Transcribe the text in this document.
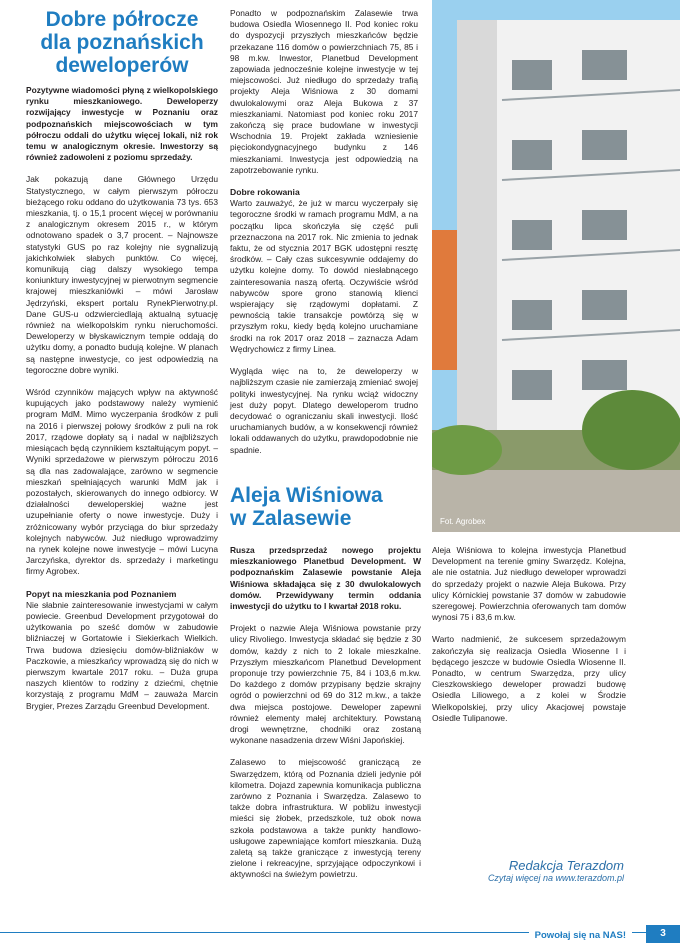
Dobre półrocze
dla poznańskich
deweloperów

Pozytywne wiadomości płyną z wielkopolskiego rynku mieszkaniowego. Deweloperzy rozwijający inwestycje w Poznaniu oraz podpoznańskich miejscowościach w tym półroczu oddali do użytku więcej lokali, niż rok temu w analogicznym okresie. Inwestorzy są również zadowoleni z poziomu sprzedaży.

Jak pokazują dane Głównego Urzędu Statystycznego, w całym pierwszym półroczu bieżącego roku oddano do użytkowania 73 tys. 653 mieszkania, tj. o 15,1 procent więcej w porównaniu z analogicznym okresem 2015 r., w którym odnotowano spadek o 3,7 procent. – Najnowsze statystyki GUS po raz kolejny nie sygnalizują jakichkolwiek słabych punktów. Co więcej, komunikują ciąg dalszy wysokiego tempa koniunktury inwestycyjnej w pierwotnym segmencie krajowej mieszkaniówki – mówi Jarosław Jędrzyński, ekspert portalu RynekPierwotny.pl. Dane GUS-u odzwierciedlają aktualną sytuację również na wielkopolskim rynku nieruchomości. Deweloperzy w błyskawicznym tempie oddają do użytku domy, a ponadto budują kolejne. W planach są następne inwestycje, co jest odpowiedzią na tegoroczne dobre wyniki.

Wśród czynników mających wpływ na aktywność kupujących jako podstawowy należy wymienić program MdM. Mimo wyczerpania środków z puli na 2016 i pierwszej połowy środków z puli na rok 2017, rządowe dopłaty są i nadal w najbliższych miesiącach będą czynnikiem kształtującym popyt. – Wyniki sprzedażowe w pierwszym półroczu 2016 są dla nas zadowalające, zarówno w segmencie mieszkań spełniających warunki MdM jak i pozostałych, skierowanych do innego odbiorcy. W działalności deweloperskiej ważne jest uzupełnianie oferty o nowe inwestycje. Duży i zróżnicowany wybór przyciąga do biur sprzedaży kolejnych nabywców. Już niedługo wprowadzimy na rynek kolejne nowe inwestycje – mówi Lucyna Jarczyńska, dyrektor ds. sprzedaży i marketingu firmy Agrobex.

Popyt na mieszkania pod Poznaniem

Nie słabnie zainteresowanie inwestycjami w całym powiecie. Greenbud Development przygotował do użytkowania po sześć domów w zabudowie bliźniaczej w Gortatowie i Siekierkach Wielkich. Trwa budowa dziesięciu domów-bliźniaków w Paczkowie, a mieszkańcy wprowadzą się do nich w pierwszym kwartale 2017 roku. – Duża grupa naszych klientów to rodziny z dziećmi, chętnie korzystają z programu MdM – zauważa Marcin Brygier, Prezes Zarządu Greenbud Development.

Ponadto w podpoznańskim Zalasewie trwa budowa Osiedla Wiosennego II. Pod koniec roku do dyspozycji przyszłych mieszkańców będzie przekazane 116 domów o powierzchniach 75, 85 i 98 m.kw. Inwestor, Planetbud Development zapowiada jednocześnie kolejne inwestycje w tej miejscowości. Już niedługo do sprzedaży trafią projekty Aleja Wiśniowa z 30 domami dwulokalowymi oraz Aleja Bukowa z 37 mieszkaniami. Natomiast pod koniec roku 2017 zakończą się prace budowlane w inwestycji Wschodnia 19. Projekt zakłada wzniesienie pięciokondygnacyjnego budynku z 146 mieszkaniami. Inwestycja jest odpowiedzią na zapotrzebowanie rynku.

Dobre rokowania

Warto zauważyć, że już w marcu wyczerpały się tegoroczne środki w ramach programu MdM, a na początku lipca skończyła się część puli przeznaczona na 2017 rok. Nic zmienia to jednak faktu, że od stycznia 2017 BGK udostępni resztę środków. – Cały czas sukcesywnie oddajemy do użytku kolejne domy. To dowód niesłabnącego zainteresowania naszą ofertą. Oczywiście wśród nabywców spore grono stanowią klienci wspierający się rządowymi dopłatami. Z pewnością takie transakcje powtórzą się w przyszłym roku, kiedy będą kolejno uruchamiane środki na rok 2017 oraz 2018 – zaznacza Adam Wędrychowicz z firmy Linea.

Wygląda więc na to, że deweloperzy w najbliższym czasie nie zamierzają zmieniać swojej polityki inwestycyjnej. Na rynku wciąż widoczny jest duży popyt. Dlatego deweloperom trudno decydować o ograniczaniu skali inwestycji. Ilość uruchamianych budów, a w konsekwencji również lokali oddawanych do użytku, prawdopodobnie nie spadnie.

Fot. Agrobex
Aleja Wiśniowa
w Zalasewie

Rusza przedsprzedaż nowego projektu mieszkaniowego Planetbud Development. W podpoznańskim Zalasewie powstanie Aleja Wiśniowa składająca się z 30 dwulokalowych domów. Przewidywany termin oddania inwestycji do użytku to I kwartał 2018 roku.

Projekt o nazwie Aleja Wiśniowa powstanie przy ulicy Rivoliego. Inwestycja składać się będzie z 30 domów, każdy z nich to 2 lokale mieszkalne. Przyszłym mieszkańcom Planetbud Development proponuje trzy powierzchnie 75, 84 i 103,6 m.kw. Do każdego z domów przypisany będzie skrajny ogród o powierzchni od 69 do 312 m.kw., a także dwa miejsca postojowe. Deweloper zapewni również elementy małej architektury. Powstaną drogi wewnętrzne, chodniki oraz zostaną wykonane nasadzenia drzew Wiśni Japońskiej.

Zalasewo to miejscowość graniczącą ze Swarzędzem, którą od Poznania dzieli jedynie pół kilometra. Dojazd zapewnia komunikacja publiczna zarówno z Poznania i Swarzędza. Zalasewo to także dobra infrastruktura. W pobliżu inwestycji mieści się żłobek, przedszkole, tuż obok nowa szkoła podstawowa a także punkty handlowo-usługowe zapewniające komfort mieszkania. Dużą zaletą są także graniczące z inwestycją tereny zielone i rekreacyjne, sprzyjające odpoczynkowi i aktywności na świeżym powietrzu.

Aleja Wiśniowa to kolejna inwestycja Planetbud Development na terenie gminy Swarzędz. Kolejna, ale nie ostatnia. Już niedługo deweloper wprowadzi do sprzedaży projekt o nazwie Aleja Bukowa. Przy ulicy Kórnickiej powstanie 37 domów w zabudowie szeregowej. Powierzchnia oferowanych tam domów wynosi 75 i 83,6 m.kw.

Warto nadmienić, że sukcesem sprzedażowym zakończyła się realizacja Osiedla Wiosenne I i będącego jeszcze w budowie Osiedla Wiosenne II. Ponadto, w centrum Swarzędza, przy ulicy Cieszkowskiego deweloper prowadzi budowę Osiedla Liliowego, a z kolei w Środzie Wielkopolskiej, przy ulicy Akacjowej powstaje Osiedle Tulipanowe.

Redakcja Terazdom
Czytaj więcej na www.terazdom.pl
Powołaj się na NAS!	3
